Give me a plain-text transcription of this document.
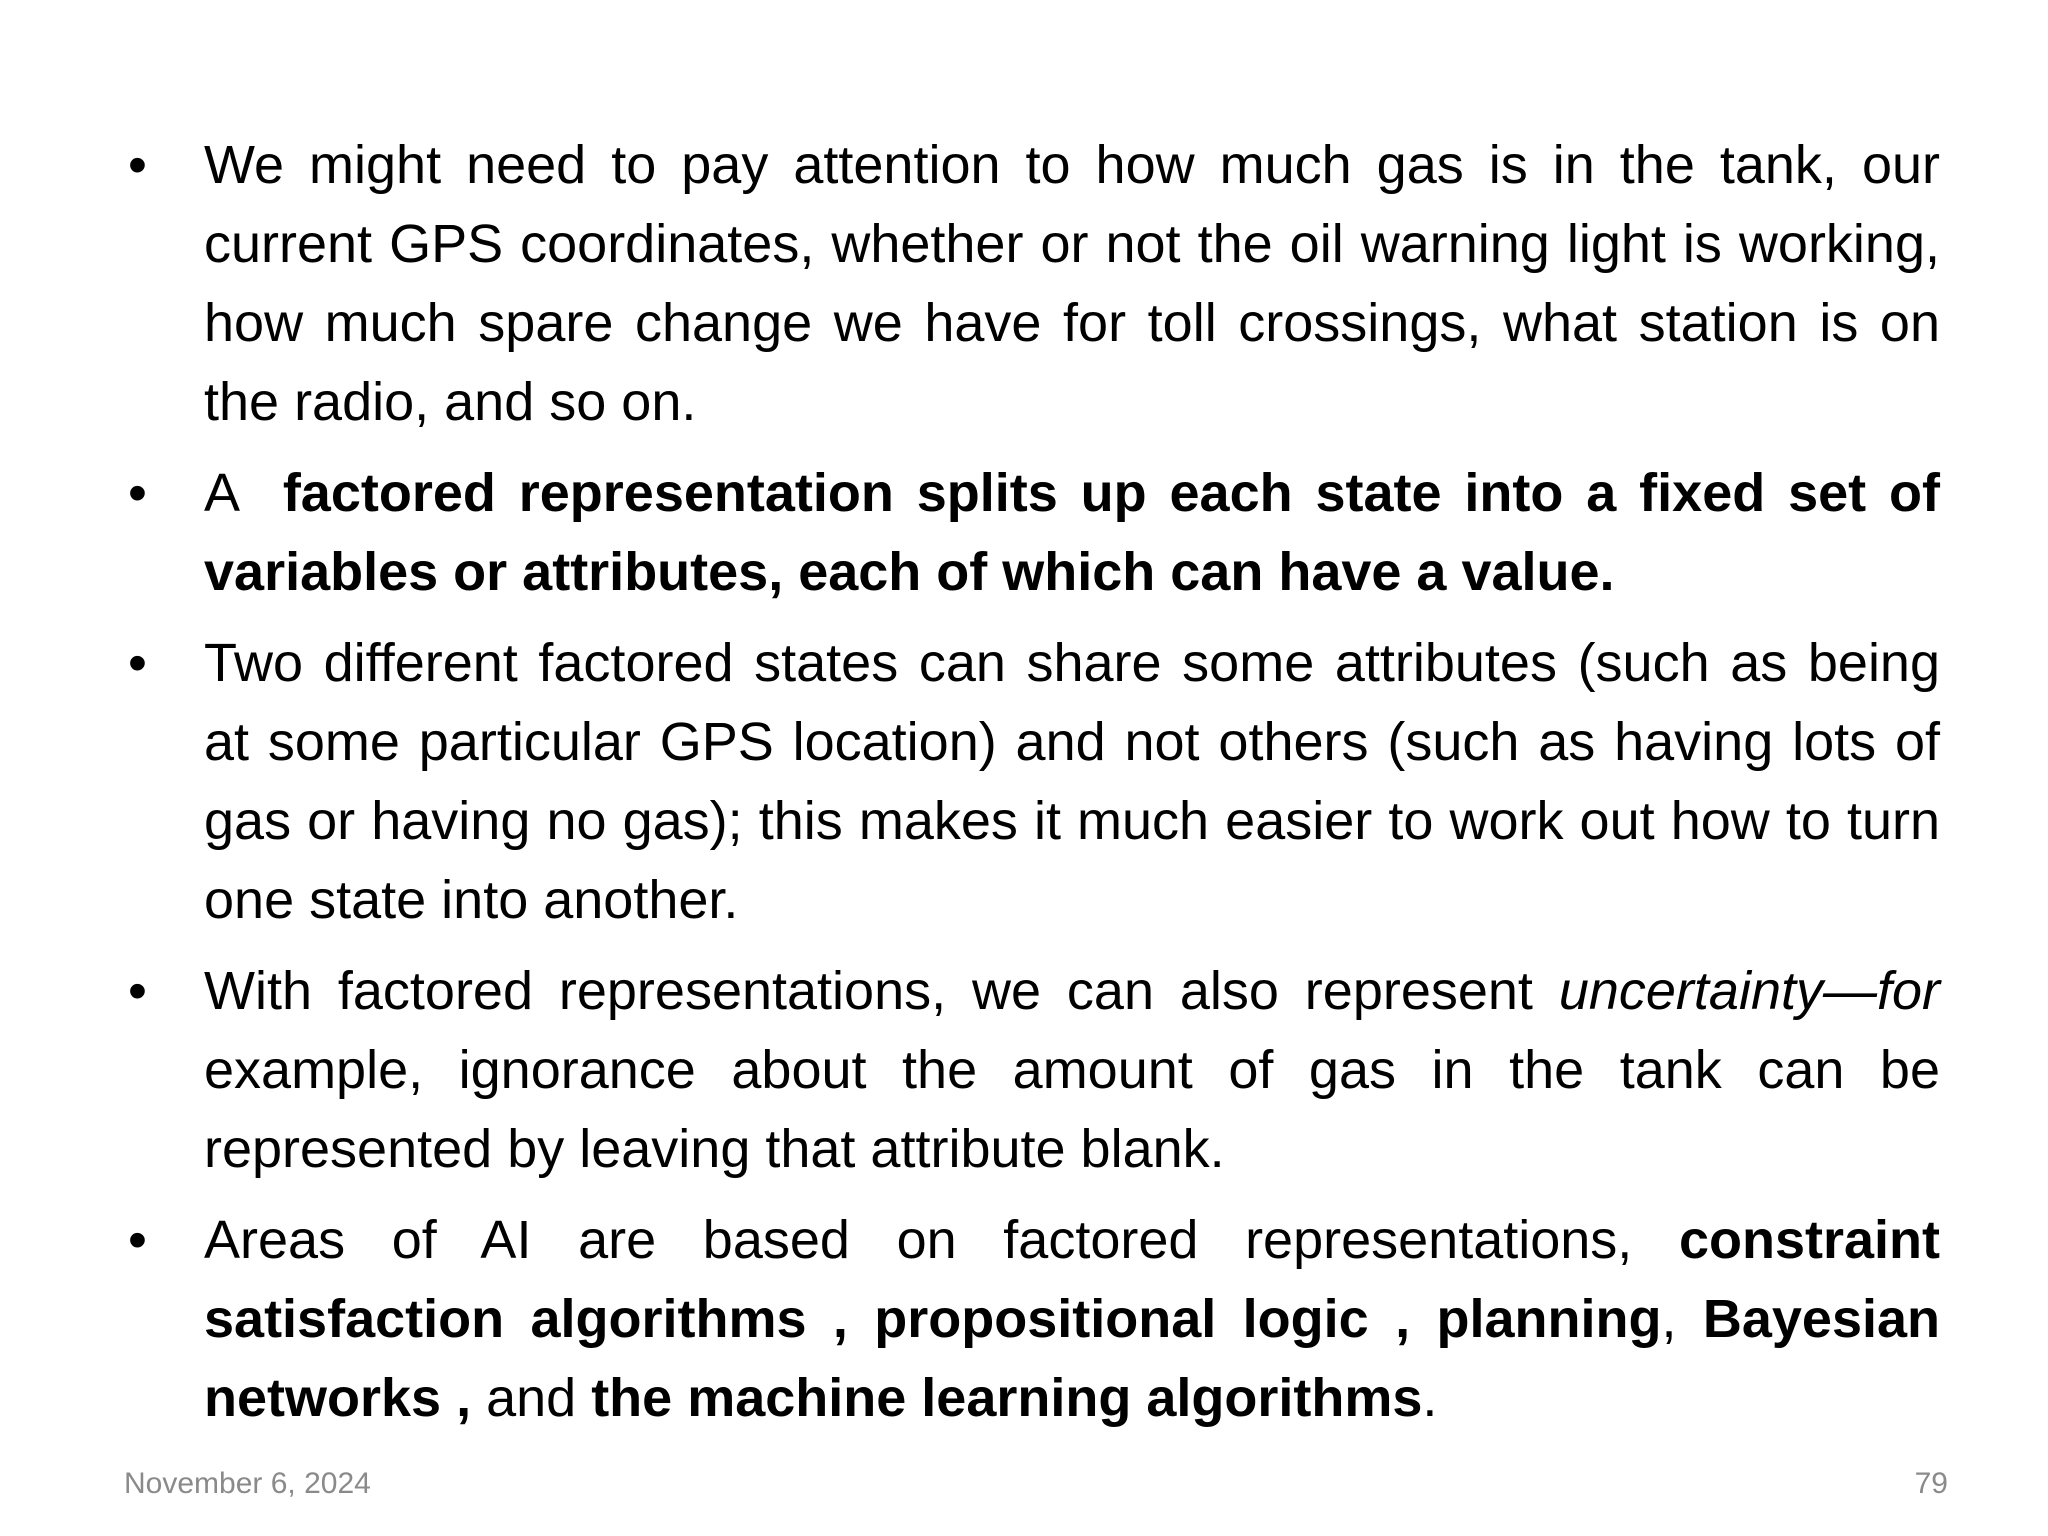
•	We might need to pay attention to how much gas is in the tank, our current GPS coordinates, whether or not the oil warning light is working, how much spare change we have for toll crossings, what station is on the radio, and so on.
•	A  factored representation splits up each state into a fixed set of variables or attributes, each of which can have a value.
•	Two different factored states can share some attributes (such as being at some particular GPS location) and not others (such as having lots of gas or having no gas); this makes it much easier to work out how to turn one state into another.
•	With factored representations, we can also represent uncertainty—for example, ignorance about the amount of gas in the tank can be represented by leaving that attribute blank.
•	Areas of AI are based on factored representations, constraint satisfaction algorithms , propositional logic , planning, Bayesian networks , and the machine learning algorithms.
November 6, 2024	79
